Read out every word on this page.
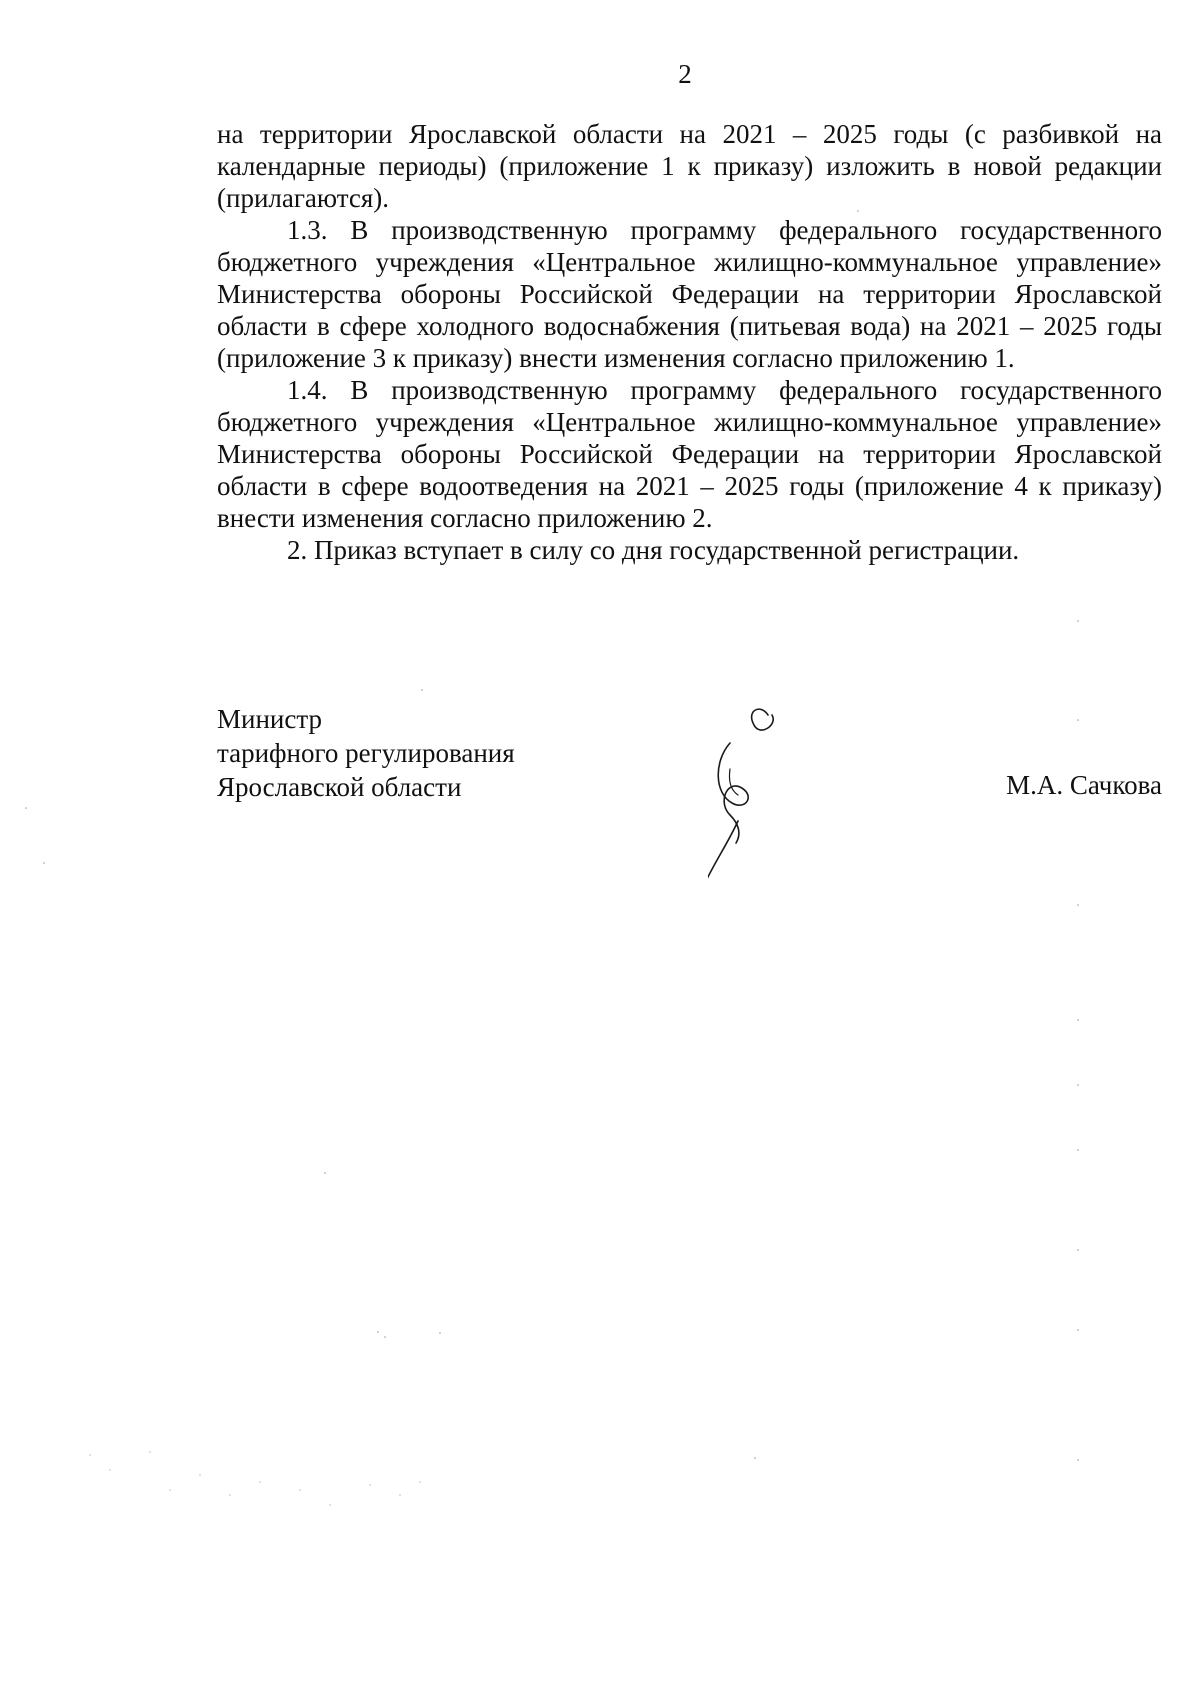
2

на территории Ярославской области на 2021 – 2025 годы (с разбивкой на календарные периоды) (приложение 1 к приказу) изложить в новой редакции (прилагаются).

1.3. В производственную программу федерального государственного бюджетного учреждения «Центральное жилищно-коммунальное управление» Министерства обороны Российской Федерации на территории Ярославской области в сфере холодного водоснабжения (питьевая вода) на 2021 – 2025 годы (приложение 3 к приказу) внести изменения согласно приложению 1.

1.4. В производственную программу федерального государственного бюджетного учреждения «Центральное жилищно-коммунальное управление» Министерства обороны Российской Федерации на территории Ярославской области в сфере водоотведения на 2021 – 2025 годы (приложение 4 к приказу) внести изменения согласно приложению 2.

2. Приказ вступает в силу со дня государственной регистрации.

Министр
тарифного регулирования
Ярославской области	М.А. Сачкова
